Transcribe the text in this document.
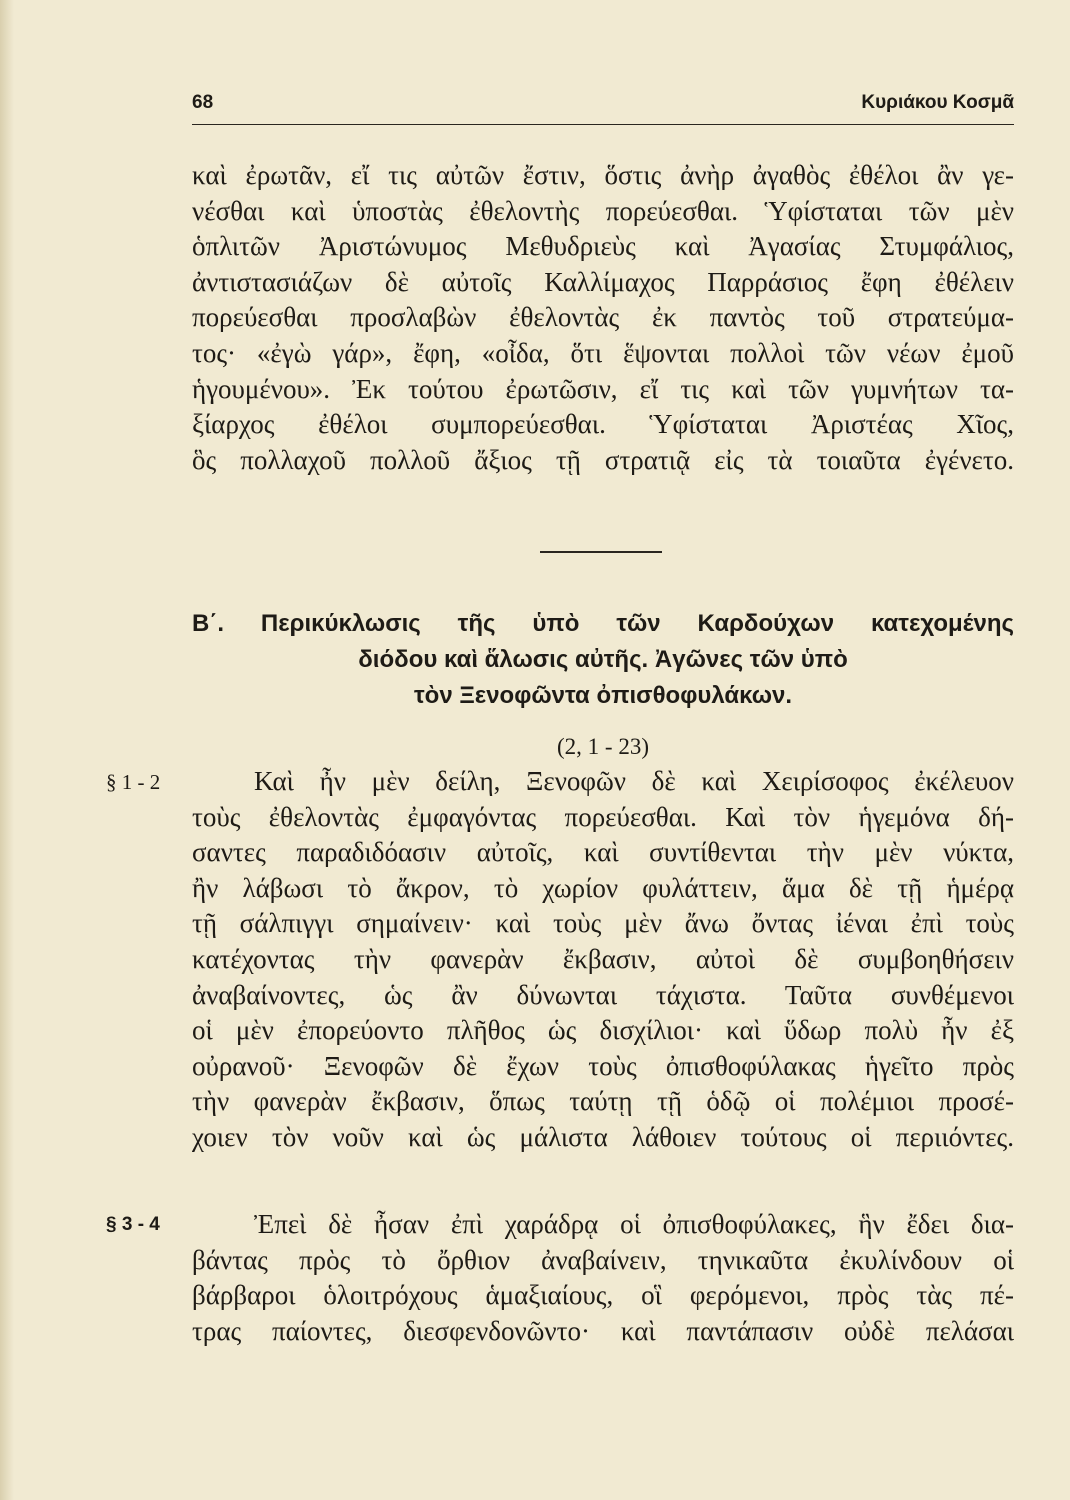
68	Κυριάκου Κοσμᾶ
καὶ ἐρωτᾶν, εἴ τις αὐτῶν ἔστιν, ὅστις ἀνὴρ ἀγαθὸς ἐθέλοι ἂν γε-
νέσθαι καὶ ὑποστὰς ἐθελοντὴς πορεύεσθαι. Ὑφίσταται τῶν μὲν
ὁπλιτῶν Ἀριστώνυμος Μεθυδριεὺς καὶ Ἀγασίας Στυμφάλιος,
ἀντιστασιάζων δὲ αὐτοῖς Καλλίμαχος Παρράσιος ἔφη ἐθέλειν
πορεύεσθαι προσλαβὼν ἐθελοντὰς ἐκ παντὸς τοῦ στρατεύμα-
τος· «ἐγὼ γάρ», ἔφη, «οἶδα, ὅτι ἕψονται πολλοὶ τῶν νέων ἐμοῦ
ἡγουμένου». Ἐκ τούτου ἐρωτῶσιν, εἴ τις καὶ τῶν γυμνήτων τα-
ξίαρχος ἐθέλοι συμπορεύεσθαι. Ὑφίσταται Ἀριστέας Χῖος,
ὃς πολλαχοῦ πολλοῦ ἄξιος τῇ στρατιᾷ εἰς τὰ τοιαῦτα ἐγένετο.
Β΄. Περικύκλωσις τῆς ὑπὸ τῶν Καρδούχων κατεχομένης
διόδου καὶ ἅλωσις αὐτῆς. Ἀγῶνες τῶν ὑπὸ
τὸν Ξενοφῶντα ὀπισθοφυλάκων.
(2, 1 - 23)
§ 1 - 2	Καὶ ἦν μὲν δείλη, Ξενοφῶν δὲ καὶ Χειρίσοφος ἐκέλευον
τοὺς ἐθελοντὰς ἐμφαγόντας πορεύεσθαι. Καὶ τὸν ἡγεμόνα δή-
σαντες παραδιδόασιν αὐτοῖς, καὶ συντίθενται τὴν μὲν νύκτα,
ἢν λάβωσι τὸ ἄκρον, τὸ χωρίον φυλάττειν, ἅμα δὲ τῇ ἡμέρᾳ
τῇ σάλπιγγι σημαίνειν· καὶ τοὺς μὲν ἄνω ὄντας ἰέναι ἐπὶ τοὺς
κατέχοντας τὴν φανερὰν ἔκβασιν, αὐτοὶ δὲ συμβοηθήσειν
ἀναβαίνοντες, ὡς ἂν δύνωνται τάχιστα. Ταῦτα συνθέμενοι
οἱ μὲν ἐπορεύοντο πλῆθος ὡς δισχίλιοι· καὶ ὕδωρ πολὺ ἦν ἐξ
οὐρανοῦ· Ξενοφῶν δὲ ἔχων τοὺς ὀπισθοφύλακας ἡγεῖτο πρὸς
τὴν φανερὰν ἔκβασιν, ὅπως ταύτῃ τῇ ὁδῷ οἱ πολέμιοι προσέ-
χοιεν τὸν νοῦν καὶ ὡς μάλιστα λάθοιεν τούτους οἱ περιιόντες.
§ 3 - 4	Ἐπεὶ δὲ ἦσαν ἐπὶ χαράδρᾳ οἱ ὀπισθοφύλακες, ἣν ἔδει δια-
βάντας πρὸς τὸ ὄρθιον ἀναβαίνειν, τηνικαῦτα ἐκυλίνδουν οἱ
βάρβαροι ὁλοιτρόχους ἁμαξιαίους, οἳ φερόμενοι, πρὸς τὰς πέ-
τρας παίοντες, διεσφενδονῶντο· καὶ παντάπασιν οὐδὲ πελάσαι
